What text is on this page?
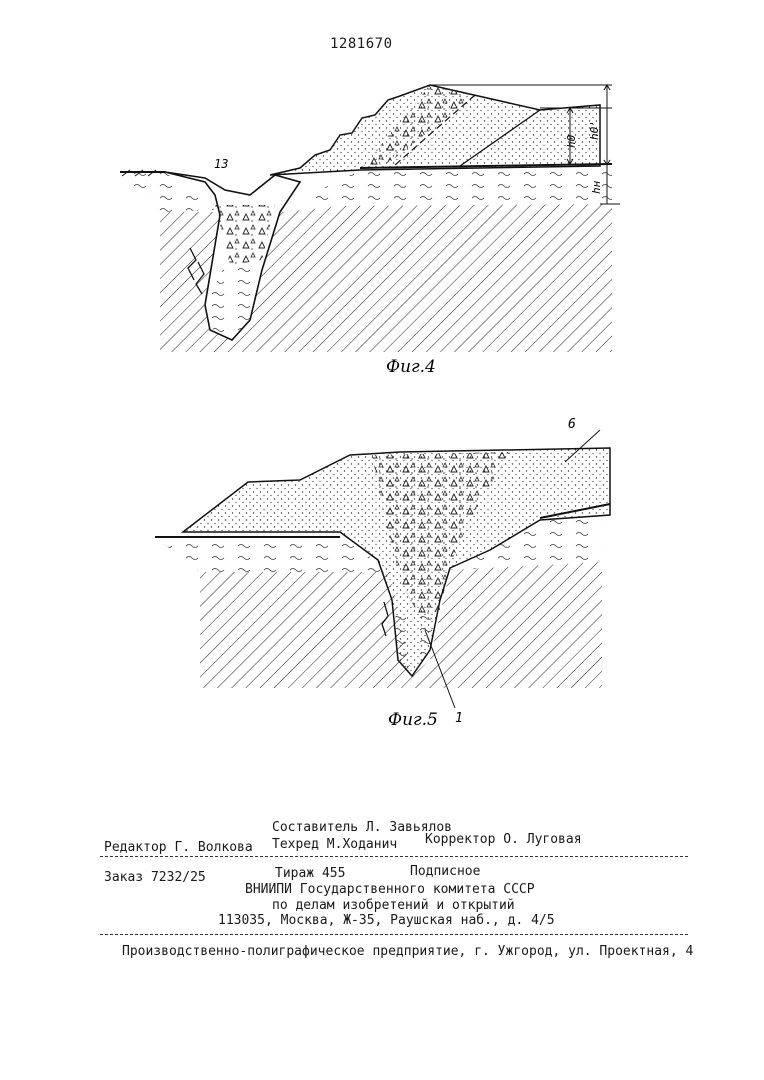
1281670
13
h0
h0'
hн
Фиг.4
6
1
Фиг.5
Составитель Л. Завьялов
Редактор Г. Волкова Техред М.Ходанич Корректор О. Луговая
Заказ 7232/25	Тираж 455	Подписное
ВНИИПИ Государственного комитета СССР
по делам изобретений и открытий
113035, Москва, Ж-35, Раушская наб., д. 4/5
Производственно-полиграфическое предприятие, г. Ужгород, ул. Проектная, 4
